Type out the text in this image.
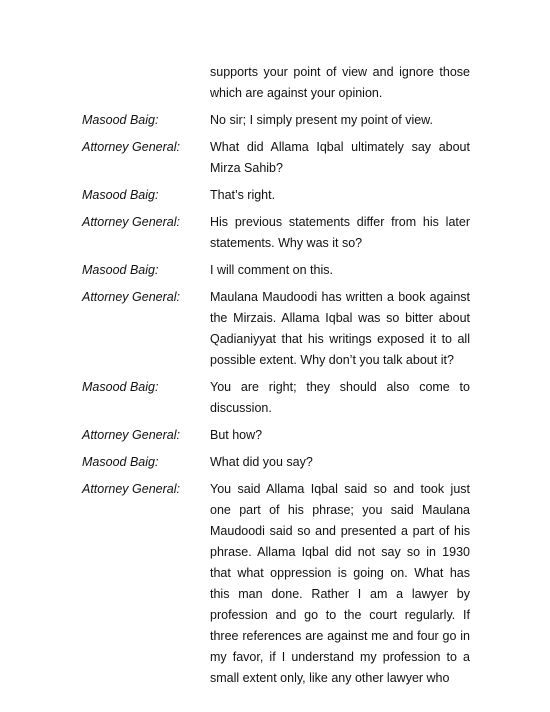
supports your point of view and ignore those which are against your opinion.
Masood Baig:	No sir; I simply present my point of view.
Attorney General:	What did Allama Iqbal ultimately say about Mirza Sahib?
Masood Baig:	That’s right.
Attorney General:	His previous statements differ from his later statements. Why was it so?
Masood Baig:	I will comment on this.
Attorney General:	Maulana Maudoodi has written a book against the Mirzais. Allama Iqbal was so bitter about Qadianiyyat that his writings exposed it to all possible extent. Why don’t you talk about it?
Masood Baig:	You are right; they should also come to discussion.
Attorney General:	But how?
Masood Baig:	What did you say?
Attorney General:	You said Allama Iqbal said so and took just one part of his phrase; you said Maulana Maudoodi said so and presented a part of his phrase. Allama Iqbal did not say so in 1930 that what oppression is going on. What has this man done. Rather I am a lawyer by profession and go to the court regularly. If three references are against me and four go in my favor, if I understand my profession to a small extent only, like any other lawyer who
